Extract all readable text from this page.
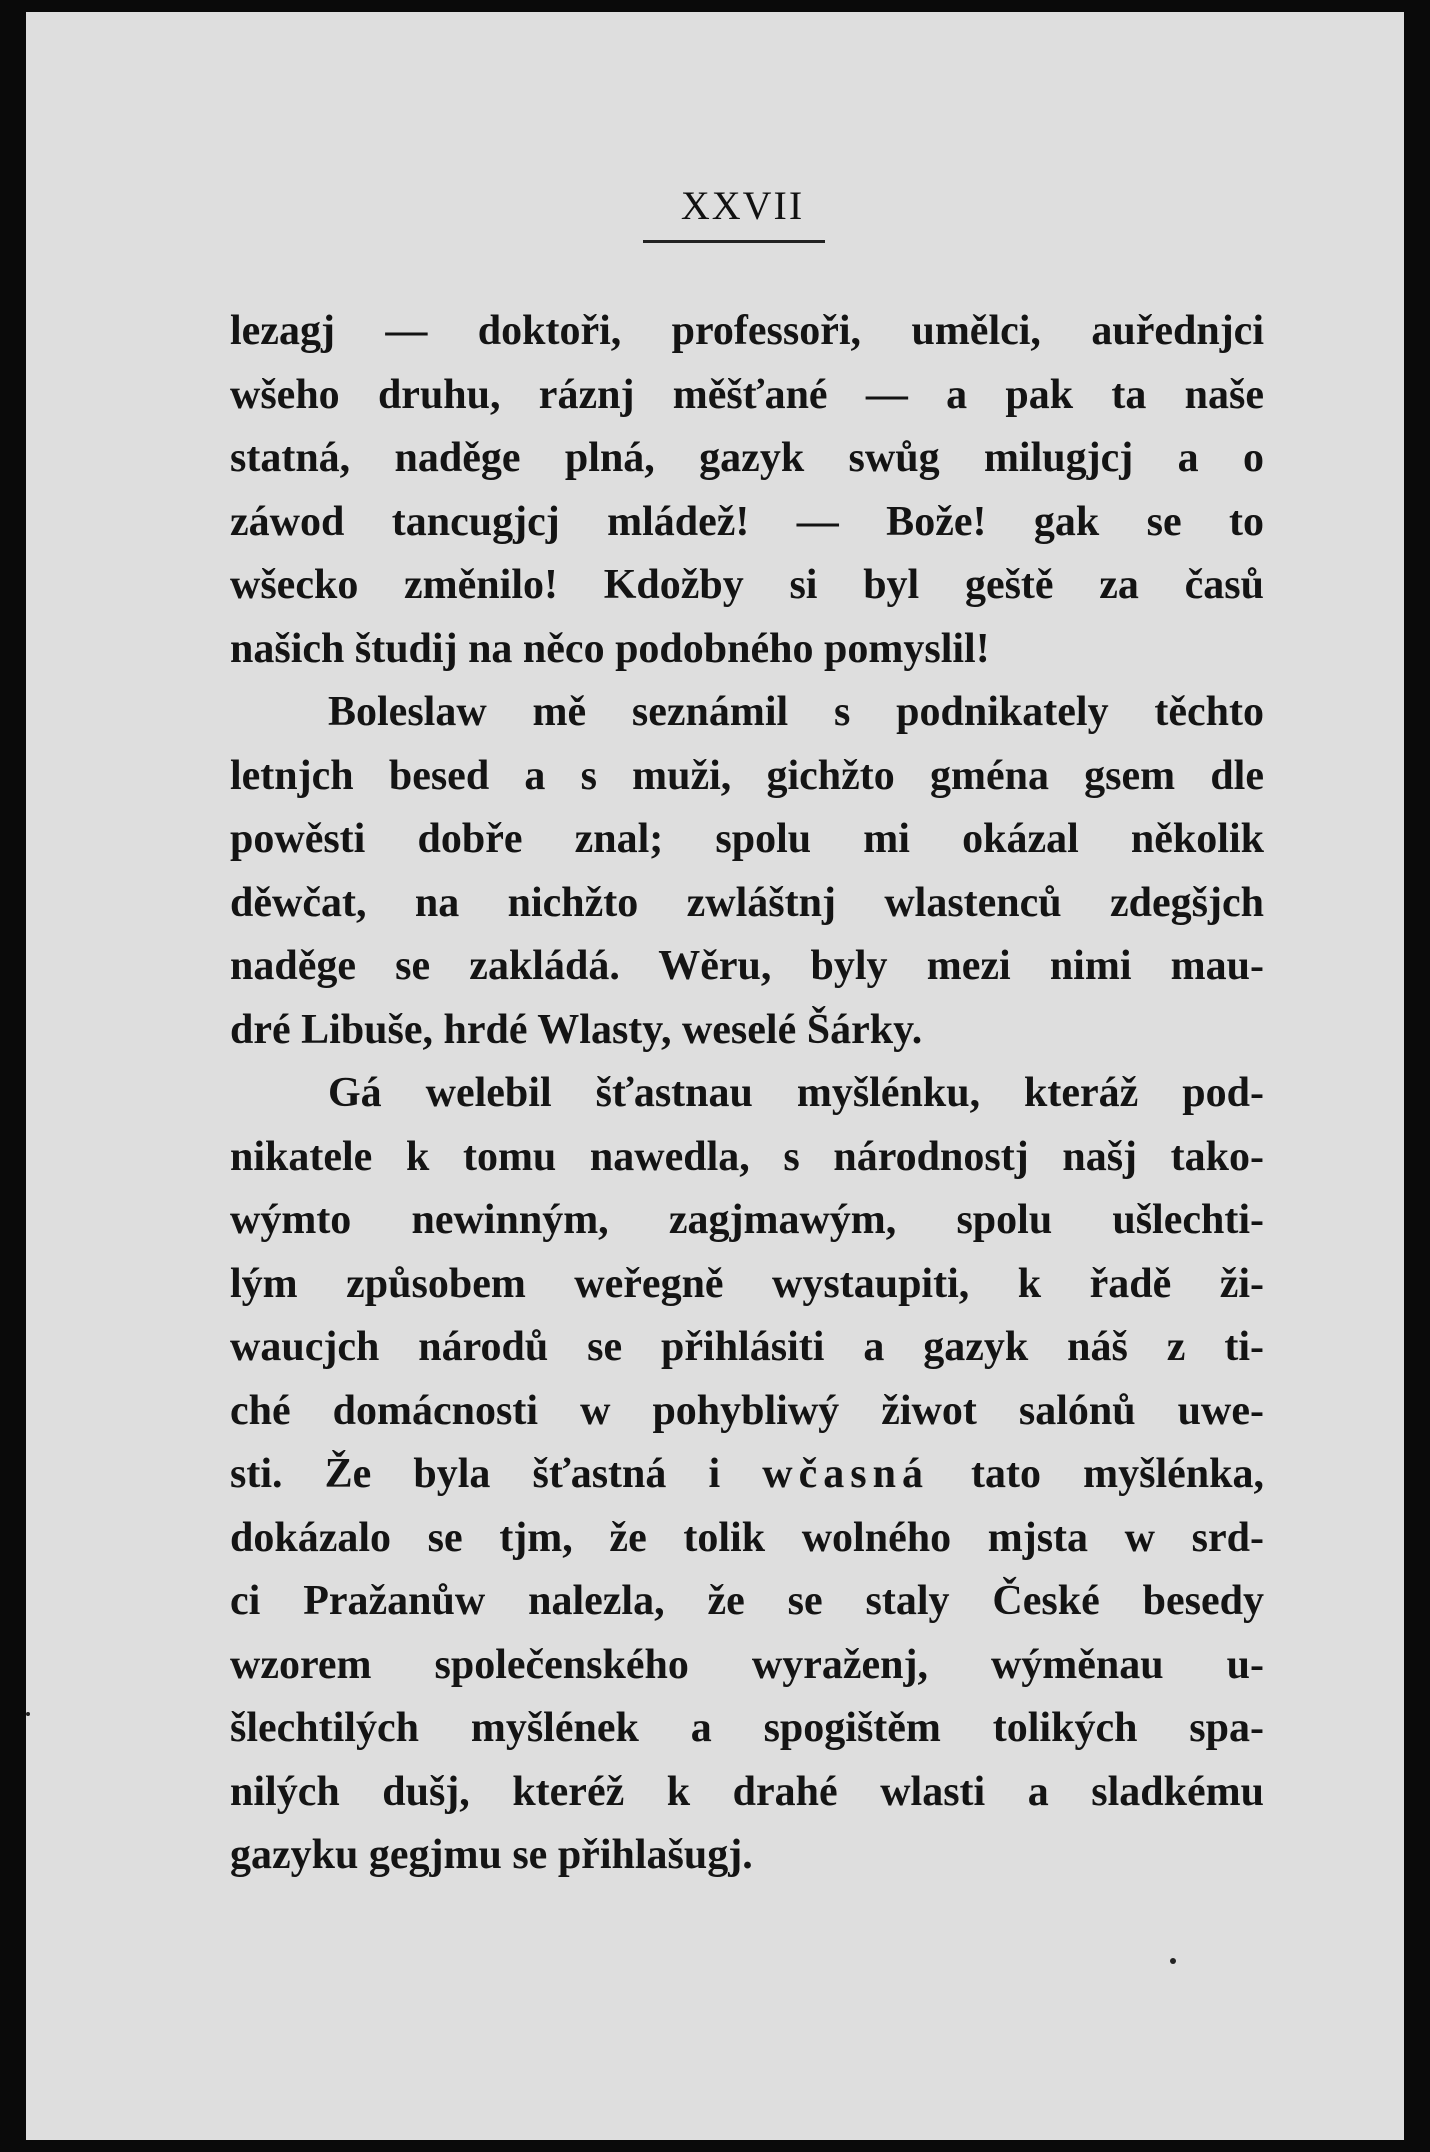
XXVII
lezagj — doktoři, professoři, umělci, auřednjci
wšeho druhu, ráznj měšťané — a pak ta naše
statná, naděge plná, gazyk swůg milugjcj a o
záwod tancugjcj mládež! — Bože! gak se to
wšecko změnilo! Kdožby si byl geště za časů
našich študij na něco podobného pomyslil!
Boleslaw mě seznámil s podnikately těchto
letnjch besed a s muži, gichžto gména gsem dle
powěsti dobře znal; spolu mi okázal několik
děwčat, na nichžto zwláštnj wlastenců zdegšjch
naděge se zakládá. Wěru, byly mezi nimi mau-
dré Libuše, hrdé Wlasty, weselé Šárky.
Gá welebil šťastnau myšlénku, kteráž pod-
nikatele k tomu nawedla, s národnostj našj tako-
wýmto newinným, zagjmawým, spolu ušlechti-
lým způsobem weřegně wystaupiti, k řadě ži-
waucjch národů se přihlásiti a gazyk náš z ti-
ché domácnosti w pohybliwý žiwot salónů uwe-
sti. Že byla šťastná i wčasná tato myšlénka,
dokázalo se tjm, že tolik wolného mjsta w srd-
ci Pražanůw nalezla, že se staly České besedy
wzorem společenského wyraženj, wýměnau u-
šlechtilých myšlének a spogištěm tolikých spa-
nilých dušj, kteréž k drahé wlasti a sladkému
gazyku gegjmu se přihlašugj.
